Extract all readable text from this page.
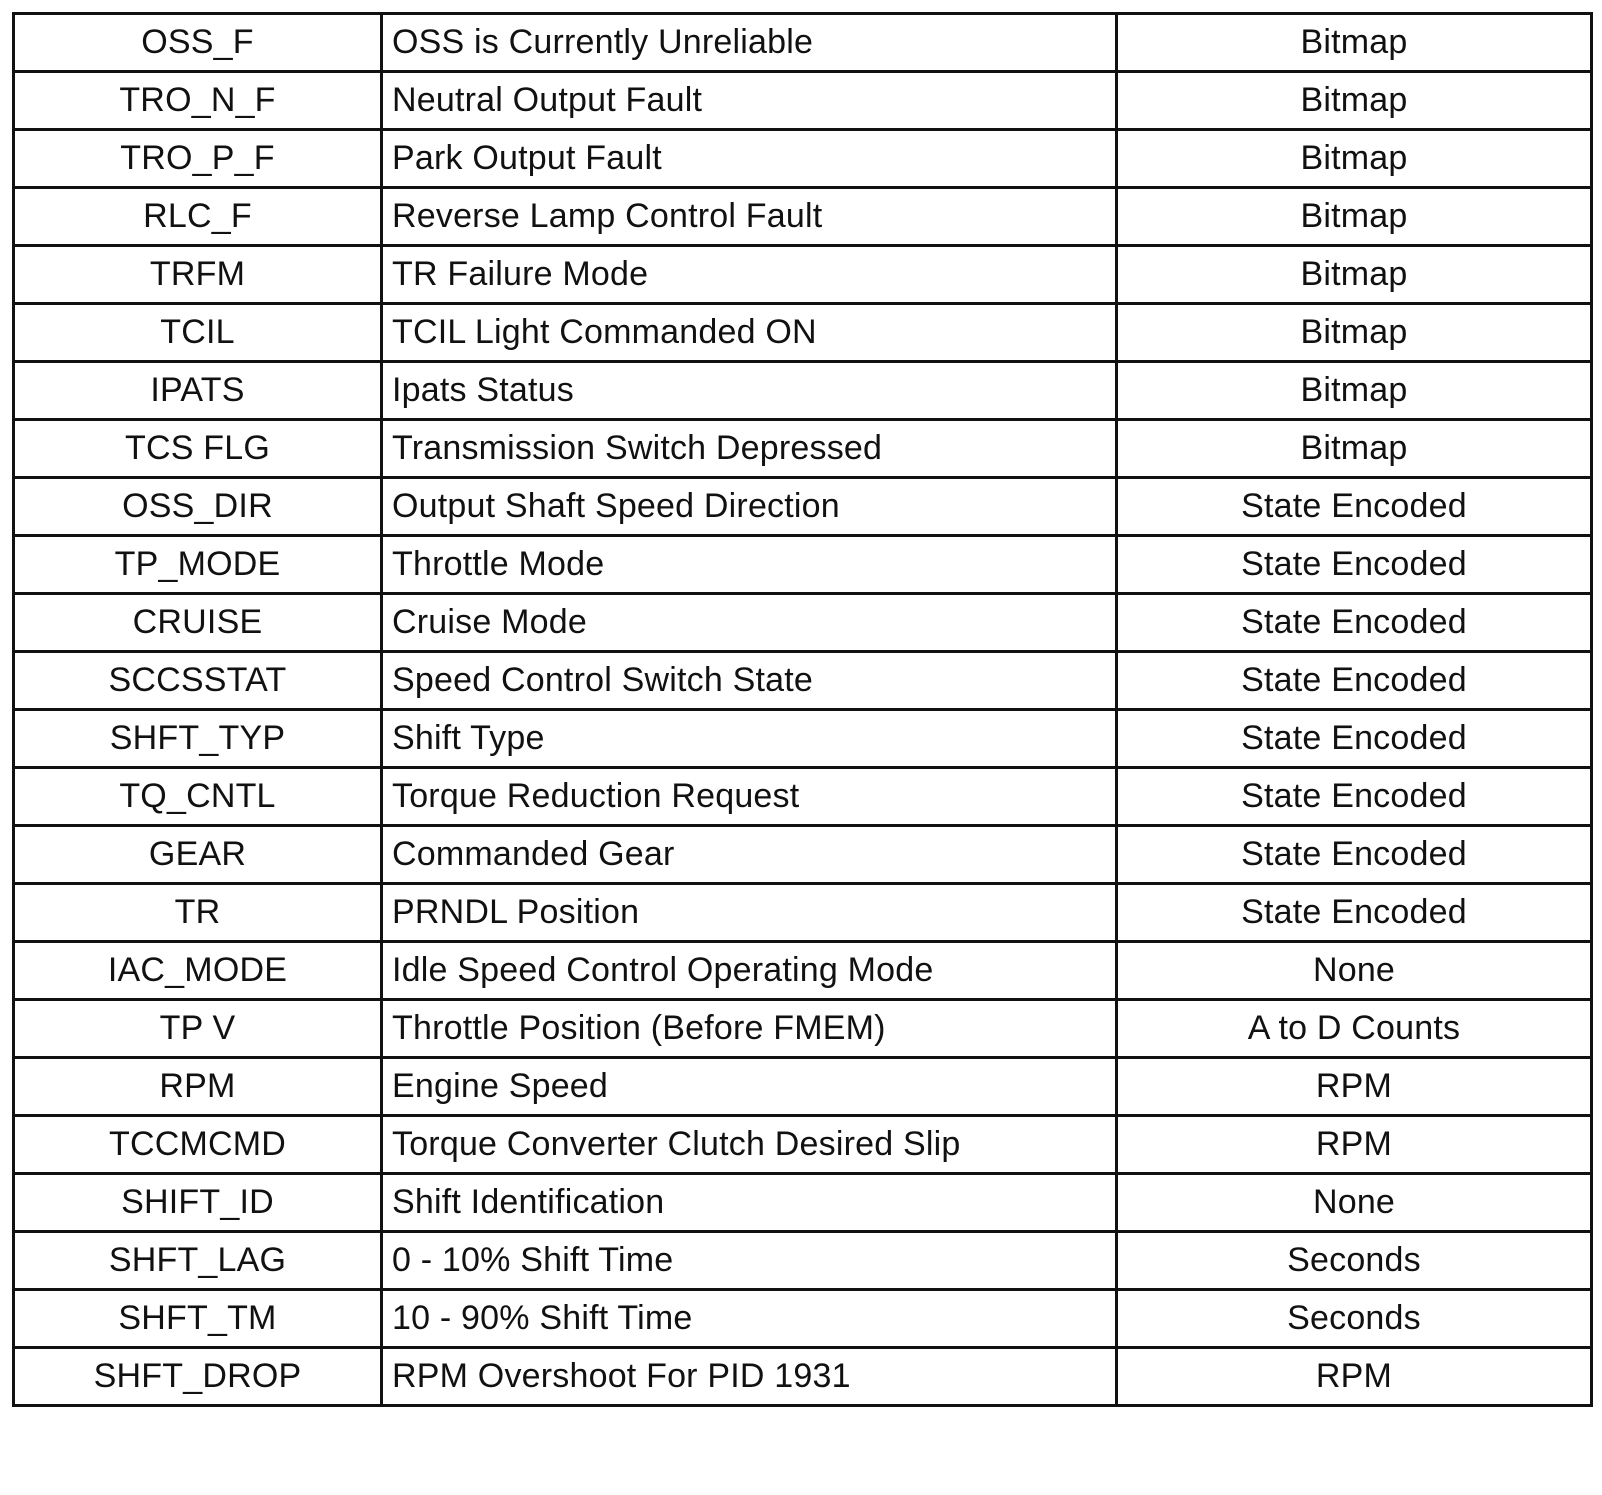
OSS_F	OSS is Currently Unreliable	Bitmap
TRO_N_F	Neutral Output Fault	Bitmap
TRO_P_F	Park Output Fault	Bitmap
RLC_F	Reverse Lamp Control Fault	Bitmap
TRFM	TR Failure Mode	Bitmap
TCIL	TCIL Light Commanded ON	Bitmap
IPATS	Ipats Status	Bitmap
TCS FLG	Transmission Switch Depressed	Bitmap
OSS_DIR	Output Shaft Speed Direction	State Encoded
TP_MODE	Throttle Mode	State Encoded
CRUISE	Cruise Mode	State Encoded
SCCSSTAT	Speed Control Switch State	State Encoded
SHFT_TYP	Shift Type	State Encoded
TQ_CNTL	Torque Reduction Request	State Encoded
GEAR	Commanded Gear	State Encoded
TR	PRNDL Position	State Encoded
IAC_MODE	Idle Speed Control Operating Mode	None
TP V	Throttle Position (Before FMEM)	A to D Counts
RPM	Engine Speed	RPM
TCCMCMD	Torque Converter Clutch Desired Slip	RPM
SHIFT_ID	Shift Identification	None
SHFT_LAG	0 - 10% Shift Time	Seconds
SHFT_TM	10 - 90% Shift Time	Seconds
SHFT_DROP	RPM Overshoot For PID 1931	RPM
